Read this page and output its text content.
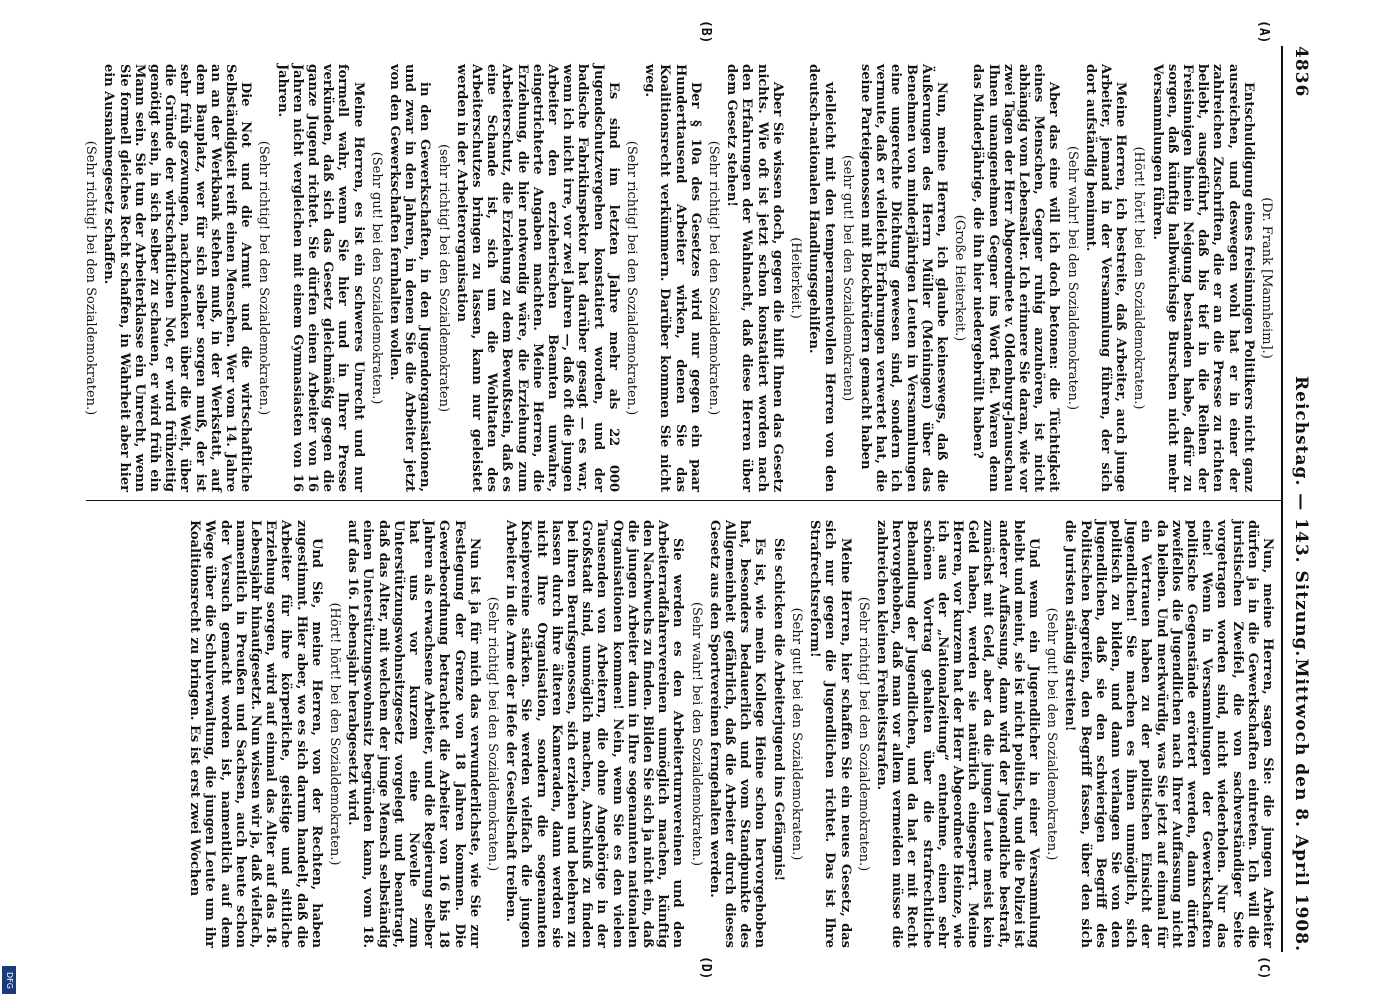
4836
Reichstag. — 143. Sitzung.
Mittwoch den 8. April 1908.
(A)
(B)
(C)
(D)

(Dr. Frank [Mannheim].)

Entschuldigung eines freisinnigen Politikers nicht ganz ausreichen, und deswegen wohl hat er in einer der zahlreichen Zuschriften, die er an die Presse zu richten beliebt, ausgeführt, daß bis tief in die Reihen der Freisinnigen hinein Neigung bestanden habe, dafür zu sorgen, daß künftig halbwüchsige Burschen nicht mehr Versammlungen führen.

(Hört! hört! bei den Sozialdemokraten.)

Meine Herren, ich bestreite, daß Arbeiter, auch junge Arbeiter, jemand in der Versammlung führen, der sich dort aufständig benimmt.

(Sehr wahr! bei den Sozialdemokraten.)

Aber das eine will ich doch betonen: die Tüchtigkeit eines Menschen, Gegner ruhig anzuhören, ist nicht abhängig vom Lebensalter. Ich erinnere Sie daran, wie vor zwei Tagen der Herr Abgeordnete v. Oldenburg-Januschau Ihnen unangenehmen Gegner ins Wort fiel. Waren denn das Minderjährige, die ihn hier niedergebrüllt haben?

(Große Heiterkeit.)

Nun, meine Herren, ich glaube keineswegs, daß die Äußerungen des Herrn Müller (Meiningen) über das Benehmen von minderjährigen Leuten in Versammlungen eine ungerechte Dichtung gewesen sind, sondern ich vermute, daß er vielleicht Erfahrungen verwertet hat, die seine Parteigenossen mit Blockbrüdern gemacht haben

(sehr gut! bei den Sozialdemokraten)

vielleicht mit den temperamentvollen Herren von den deutsch-nationalen Handlungsgehilfen.

(Heiterkeit.)

Aber Sie wissen doch, gegen die hilft Ihnen das Gesetz nichts. Wie oft ist jetzt schon konstatiert worden nach den Erfahrungen der Wahlnacht, daß diese Herren über dem Gesetz stehen!

(Sehr richtig! bei den Sozialdemokraten.)

Der § 10a des Gesetzes wird nur gegen ein paar Hunderttausend Arbeiter wirken, denen Sie das Koalitionsrecht verkümmern. Darüber kommen Sie nicht weg.

(Sehr richtig! bei den Sozialdemokraten.)

Es sind im letzten Jahre mehr als 22 000 Jugendschutzvergehen konstatiert worden, und der badische Fabrikinspektor hat darüber gesagt — es war, wenn ich nicht irre, vor zwei Jahren —, daß oft die jungen Arbeiter den erzieherischen Beamten unwahre, eingetrichterte Angaben machten. Meine Herren, die Erziehung, die hier notwendig wäre, die Erziehung zum Arbeiterschutz, die Erziehung zu dem Bewußtsein, daß es eine Schande ist, sich um die Wohltaten des Arbeiterschutzes bringen zu lassen, kann nur geleistet werden in der Arbeiterorganisation

(sehr richtig! bei den Sozialdemokraten)

in den Gewerkschaften, in den Jugendorganisationen, und zwar in den Jahren, in denen Sie die Arbeiter jetzt von den Gewerkschaften fernhalten wollen.

(Sehr gut! bei den Sozialdemokraten.)

Meine Herren, es ist ein schweres Unrecht und nur formell wahr, wenn Sie hier und in Ihrer Presse verkünden, daß sich das Gesetz gleichmäßig gegen die ganze Jugend richtet. Sie dürfen einen Arbeiter von 16 Jahren nicht vergleichen mit einem Gymnasiasten von 16 Jahren.

(Sehr richtig! bei den Sozialdemokraten.)

Die Not und die Armut und die wirtschaftliche Selbständigkeit reift einen Menschen. Wer vom 14. Jahre an an der Werkbank stehen muß, in der Werkstatt, auf dem Bauplatz, wer für sich selber sorgen muß, der ist sehr früh gezwungen, nachzudenken über die Welt, über die Gründe der wirtschaftlichen Not, er wird frühzeitig genötigt sein, in sich selber zu schauen, er wird früh ein Mann sein. Sie tun der Arbeiterklasse ein Unrecht, wenn Sie formell gleiches Recht schaffen, in Wahrheit aber hier ein Ausnahmegesetz schaffen.

(Sehr richtig! bei den Sozialdemokraten.)

Nun, meine Herren, sagen Sie: die jungen Arbeiter dürfen ja in die Gewerkschaften eintreten. Ich will die juristischen Zweifel, die von sachverständiger Seite vorgetragen worden sind, nicht wiederholen. Nur das eine! Wenn in Versammlungen der Gewerkschaften politische Gegenstände erörtert werden, dann dürfen zweifellos die Jugendlichen nach Ihrer Auffassung nicht da bleiben. Und merkwürdig, was Sie jetzt auf einmal für ein Vertrauen haben zu der politischen Einsicht der Jugendlichen! Sie machen es ihnen unmöglich, sich politisch zu bilden, und dann verlangen Sie von den Jugendlichen, daß sie den schwierigen Begriff des Politischen begreifen, den Begriff fassen, über den sich die Juristen ständig streiten!

(Sehr gut! bei den Sozialdemokraten.)

Und wenn ein Jugendlicher in einer Versammlung bleibt und meint, sie ist nicht politisch, und die Polizei ist anderer Auffassung, dann wird der Jugendliche bestraft, zunächst mit Geld, aber da die jungen Leute meist kein Geld haben, werden sie natürlich eingesperrt. Meine Herren, vor kurzem hat der Herr Abgeordnete Heinze, wie ich aus der „Nationalzeitung“ entnehme, einen sehr schönen Vortrag gehalten über die strafrechtliche Behandlung der Jugendlichen, und da hat er mit Recht hervorgehoben, daß man vor allem vermeiden müsse die zahlreichen kleinen Freiheitsstrafen.

(Sehr richtig! bei den Sozialdemokraten.)

Meine Herren, hier schaffen Sie ein neues Gesetz, das sich nur gegen die Jugendlichen richtet. Das ist Ihre Strafrechtsreform!

(Sehr gut! bei den Sozialdemokraten.)

Sie schicken die Arbeiterjugend ins Gefängnis!

Es ist, wie mein Kollege Heine schon hervorgehoben hat, besonders bedauerlich und vom Standpunkte des Allgemeinheit gefährlich, daß die Arbeiter durch dieses Gesetz aus den Sportvereinen ferngehalten werden.

(Sehr wahr! bei den Sozialdemokraten.)

Sie werden es den Arbeiterturnvereinen und den Arbeiterradfahrervereinen unmöglich machen, künftig den Nachwuchs zu finden. Bilden Sie sich ja nicht ein, daß die jungen Arbeiter dann in Ihre sogenannten nationalen Organisationen kommen! Nein, wenn Sie es den vielen Tausenden von Arbeitern, die ohne Angehörige in der Großstadt sind, unmöglich machen, Anschluß zu finden bei ihren Berufsgenossen, sich erziehen und belehren zu lassen durch ihre älteren Kameraden, dann werden sie nicht Ihre Organisation, sondern die sogenannten Kneipvereine stärken. Sie werden vielfach die jungen Arbeiter in die Arme der Hefe der Gesellschaft treiben.

(Sehr richtig! bei den Sozialdemokraten.)

Nun ist ja für mich das verwunderlichste, wie Sie zur Festlegung der Grenze von 18 Jahren kommen. Die Gewerbeordnung betrachtet die Arbeiter von 16 bis 18 Jahren als erwachsene Arbeiter, und die Regierung selber hat uns vor kurzem eine Novelle zum Unterstützungswohnsitzgesetz vorgelegt und beantragt, daß das Alter, mit welchem der junge Mensch selbständig einen Unterstützungswohnsitz begründen kann, vom 18. auf das 16. Lebensjahr herabgesetzt wird.

(Hört! hört! bei den Sozialdemokraten.)

Und Sie, meine Herren, von der Rechten, haben zugestimmt. Hier aber, wo es sich darum handelt, daß die Arbeiter für ihre körperliche, geistige und sittliche Erziehung sorgen, wird auf einmal das Alter auf das 18. Lebensjahr hinaufgesetzt. Nun wissen wir ja, daß vielfach, namentlich in Preußen und Sachsen, auch heute schon der Versuch gemacht worden ist, namentlich auf dem Wege über die Schulverwaltung, die jungen Leute um ihr Koalitionsrecht zu bringen. Es ist erst zwei Wochen

DFG
